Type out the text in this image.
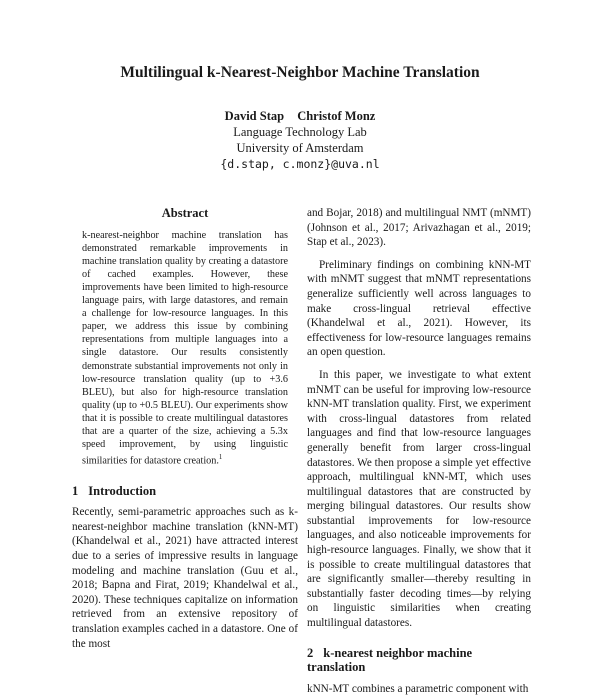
Multilingual k-Nearest-Neighbor Machine Translation
David Stap Christof Monz
Language Technology Lab
University of Amsterdam
{d.stap, c.monz}@uva.nl
Abstract

k-nearest-neighbor machine translation has demonstrated remarkable improvements in machine translation quality by creating a datastore of cached examples. However, these improvements have been limited to high-resource language pairs, with large datastores, and remain a challenge for low-resource languages. In this paper, we address this issue by combining representations from multiple languages into a single datastore. Our results consistently demonstrate substantial improvements not only in low-resource translation quality (up to +3.6 BLEU), but also for high-resource translation quality (up to +0.5 BLEU). Our experiments show that it is possible to create multilingual datastores that are a quarter of the size, achieving a 5.3x speed improvement, by using linguistic similarities for datastore creation.$^1$

1 Introduction

Recently, semi-parametric approaches such as k-nearest-neighbor machine translation (kNN-MT) (Khandelwal et al., 2021) have attracted interest due to a series of impressive results in language modeling and machine translation (Guu et al., 2018; Bapna and Firat, 2019; Khandelwal et al., 2020). These techniques capitalize on information retrieved from an extensive repository of translation examples cached in a datastore. One of the most

and Bojar, 2018) and multilingual NMT (mNMT) (Johnson et al., 2017; Arivazhagan et al., 2019; Stap et al., 2023).

Preliminary findings on combining kNN-MT with mNMT suggest that mNMT representations generalize sufficiently well across languages to make cross-lingual retrieval effective (Khandelwal et al., 2021). However, its effectiveness for low-resource languages remains an open question.

In this paper, we investigate to what extent mNMT can be useful for improving low-resource kNN-MT translation quality. First, we experiment with cross-lingual datastores from related languages and find that low-resource languages generally benefit from larger cross-lingual datastores. We then propose a simple yet effective approach, multilingual kNN-MT, which uses multilingual datastores that are constructed by merging bilingual datastores. Our results show substantial improvements for low-resource languages, and also noticeable improvements for high-resource languages. Finally, we show that it is possible to create multilingual datastores that are significantly smaller—thereby resulting in substantially faster decoding times—by relying on linguistic similarities when creating multilingual datastores.

2 k-nearest neighbor machine translation

kNN-MT combines a parametric component with
